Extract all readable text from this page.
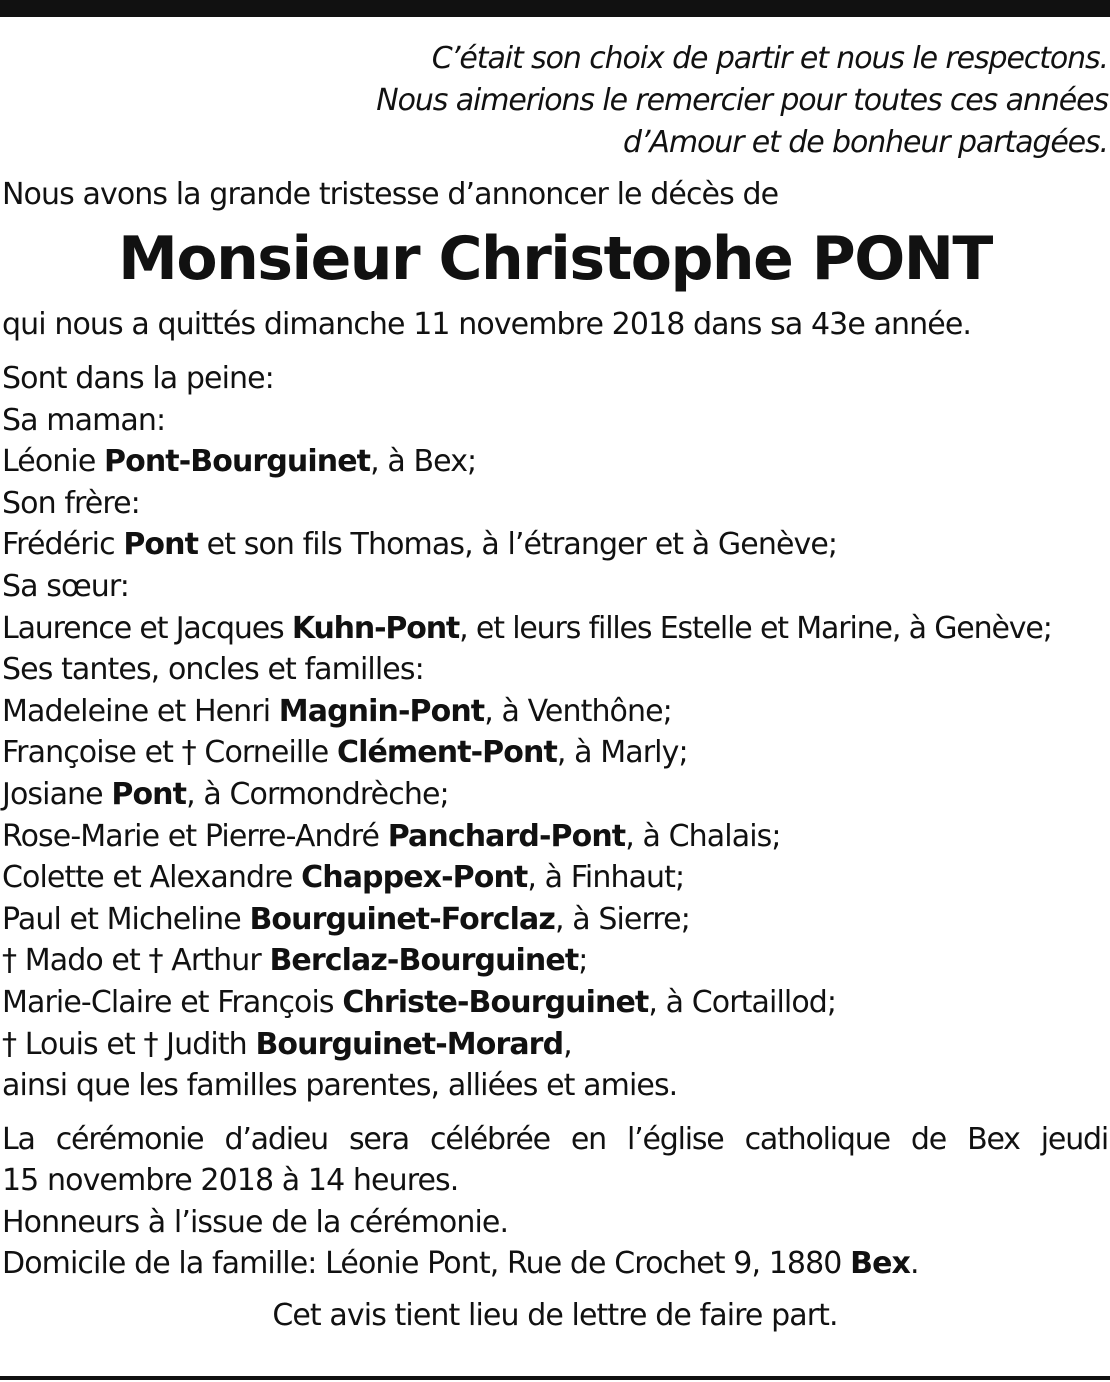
C’était son choix de partir et nous le respectons.
Nous aimerions le remercier pour toutes ces années
d’Amour et de bonheur partagées.
Nous avons la grande tristesse d’annoncer le décès de
Monsieur Christophe PONT
qui nous a quittés dimanche 11 novembre 2018 dans sa 43e année.
Sont dans la peine:
Sa maman:
Léonie Pont-Bourguinet, à Bex;
Son frère:
Frédéric Pont et son fils Thomas, à l’étranger et à Genève;
Sa sœur:
Laurence et Jacques Kuhn-Pont, et leurs filles Estelle et Marine, à Genève;
Ses tantes, oncles et familles:
Madeleine et Henri Magnin-Pont, à Venthône;
Françoise et † Corneille Clément-Pont, à Marly;
Josiane Pont, à Cormondrèche;
Rose-Marie et Pierre-André Panchard-Pont, à Chalais;
Colette et Alexandre Chappex-Pont, à Finhaut;
Paul et Micheline Bourguinet-Forclaz, à Sierre;
† Mado et † Arthur Berclaz-Bourguinet;
Marie-Claire et François Christe-Bourguinet, à Cortaillod;
† Louis et † Judith Bourguinet-Morard,
ainsi que les familles parentes, alliées et amies.
La cérémonie d’adieu sera célébrée en l’église catholique de Bex jeudi
15 novembre 2018 à 14 heures.
Honneurs à l’issue de la cérémonie.
Domicile de la famille: Léonie Pont, Rue de Crochet 9, 1880 Bex.
Cet avis tient lieu de lettre de faire part.
